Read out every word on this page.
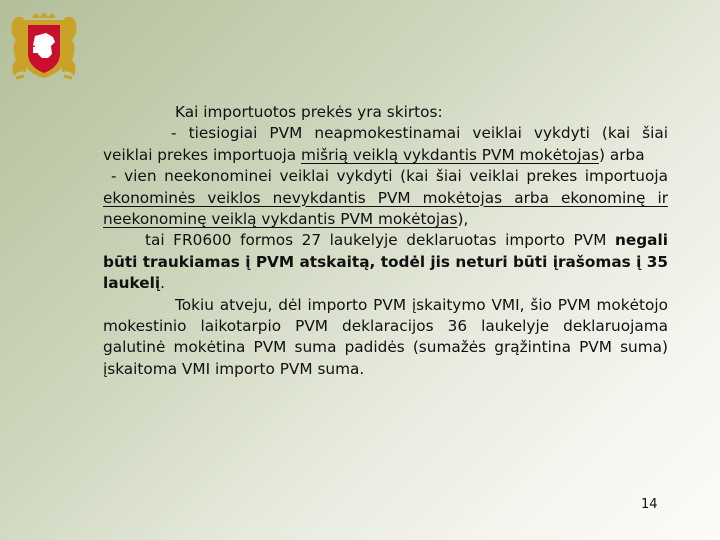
Kai importuotos prekės yra skirtos:

- tiesiogiai PVM neapmokestinamai veiklai vykdyti (kai šiai veiklai prekes importuoja mišrią veiklą vykdantis PVM mokėtojas) arba

- vien neekonominei veiklai vykdyti (kai šiai veiklai prekes importuoja ekonominės veiklos nevykdantis PVM mokėtojas arba ekonominę ir neekonominę veiklą vykdantis PVM mokėtojas),

tai FR0600 formos 27 laukelyje deklaruotas importo PVM negali būti traukiamas į PVM atskaitą, todėl jis neturi būti įrašomas į 35 laukelį.

Tokiu atveju, dėl importo PVM įskaitymo VMI, šio PVM mokėtojo mokestinio laikotarpio PVM deklaracijos 36 laukelyje deklaruojama galutinė mokėtina PVM suma padidės (sumažės grąžintina PVM suma) įskaitoma VMI importo PVM suma.

14
